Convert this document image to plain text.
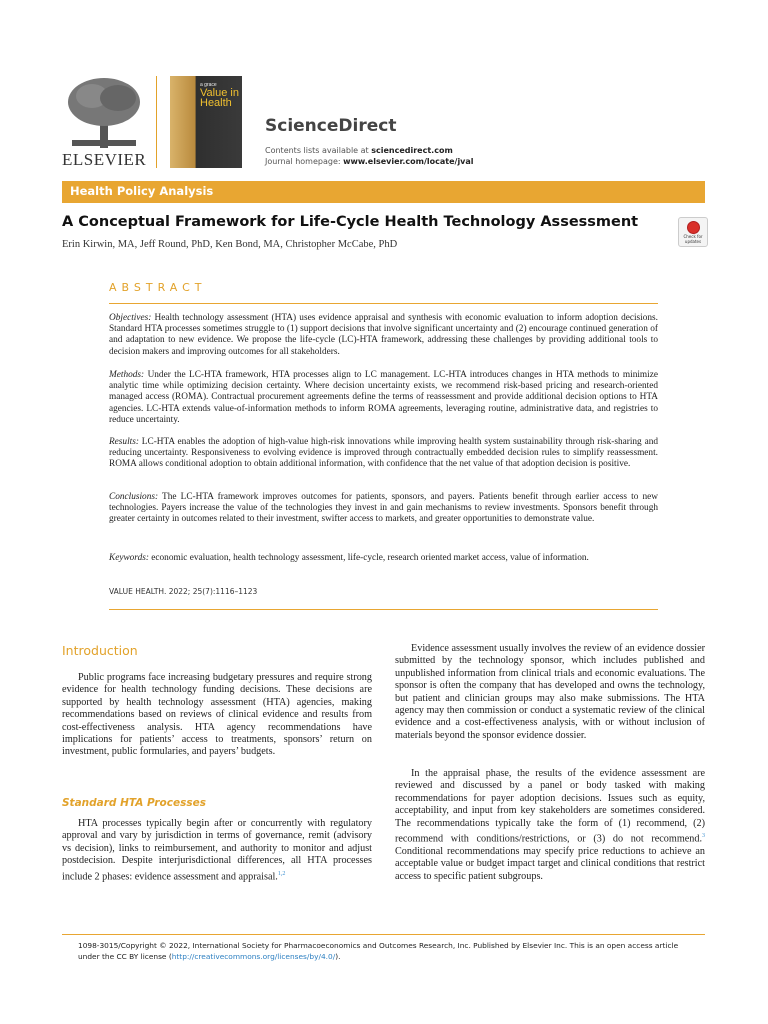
ELSEVIER
a grace
Value in Health
ScienceDirect
Contents lists available at sciencedirect.com
Journal homepage: www.elsevier.com/locate/jval
Health Policy Analysis
A Conceptual Framework for Life-Cycle Health Technology Assessment
Erin Kirwin, MA, Jeff Round, PhD, Ken Bond, MA, Christopher McCabe, PhD
Check for updates
ABSTRACT

Objectives: Health technology assessment (HTA) uses evidence appraisal and synthesis with economic evaluation to inform adoption decisions. Standard HTA processes sometimes struggle to (1) support decisions that involve significant uncertainty and (2) encourage continued generation of and adaptation to new evidence. We propose the life-cycle (LC)-HTA framework, addressing these challenges by providing additional tools to decision makers and improving outcomes for all stakeholders.

Methods: Under the LC-HTA framework, HTA processes align to LC management. LC-HTA introduces changes in HTA methods to minimize analytic time while optimizing decision certainty. Where decision uncertainty exists, we recommend risk-based pricing and research-oriented managed access (ROMA). Contractual procurement agreements define the terms of reassessment and provide additional decision options to HTA agencies. LC-HTA extends value-of-information methods to inform ROMA agreements, leveraging routine, administrative data, and registries to reduce uncertainty.

Results: LC-HTA enables the adoption of high-value high-risk innovations while improving health system sustainability through risk-sharing and reducing uncertainty. Responsiveness to evolving evidence is improved through contractually embedded decision rules to simplify reassessment. ROMA allows conditional adoption to obtain additional information, with confidence that the net value of that adoption decision is positive.

Conclusions: The LC-HTA framework improves outcomes for patients, sponsors, and payers. Patients benefit through earlier access to new technologies. Payers increase the value of the technologies they invest in and gain mechanisms to review investments. Sponsors benefit through greater certainty in outcomes related to their investment, swifter access to markets, and greater opportunities to demonstrate value.

Keywords: economic evaluation, health technology assessment, life-cycle, research oriented market access, value of information.

VALUE HEALTH. 2022; 25(7):1116–1123
Introduction

Public programs face increasing budgetary pressures and require strong evidence for health technology funding decisions. These decisions are supported by health technology assessment (HTA) agencies, making recommendations based on reviews of clinical evidence and results from cost-effectiveness analysis. HTA agency recommendations have implications for patients’ access to treatments, sponsors’ return on investment, public formularies, and payers’ budgets.

Standard HTA Processes

HTA processes typically begin after or concurrently with regulatory approval and vary by jurisdiction in terms of governance, remit (advisory vs decision), links to reimbursement, and authority to monitor and adjust postdecision. Despite interjurisdictional differences, all HTA processes include 2 phases: evidence assessment and appraisal.$^{1,2}$

Evidence assessment usually involves the review of an evidence dossier submitted by the technology sponsor, which includes published and unpublished information from clinical trials and economic evaluations. The sponsor is often the company that has developed and owns the technology, but patient and clinician groups may also make submissions. The HTA agency may then commission or conduct a systematic review of the clinical evidence and a cost-effectiveness analysis, with or without inclusion of materials beyond the sponsor evidence dossier.

In the appraisal phase, the results of the evidence assessment are reviewed and discussed by a panel or body tasked with making recommendations for payer adoption decisions. Issues such as equity, acceptability, and input from key stakeholders are sometimes considered. The recommendations typically take the form of (1) recommend, (2) recommend with conditions/restrictions, or (3) do not recommend.$^3$ Conditional recommendations may specify price reductions to achieve an acceptable value or budget impact target and clinical conditions that restrict access to specific patient subgroups.

1098-3015/Copyright © 2022, International Society for Pharmacoeconomics and Outcomes Research, Inc. Published by Elsevier Inc. This is an open access article under the CC BY license (http://creativecommons.org/licenses/by/4.0/).
